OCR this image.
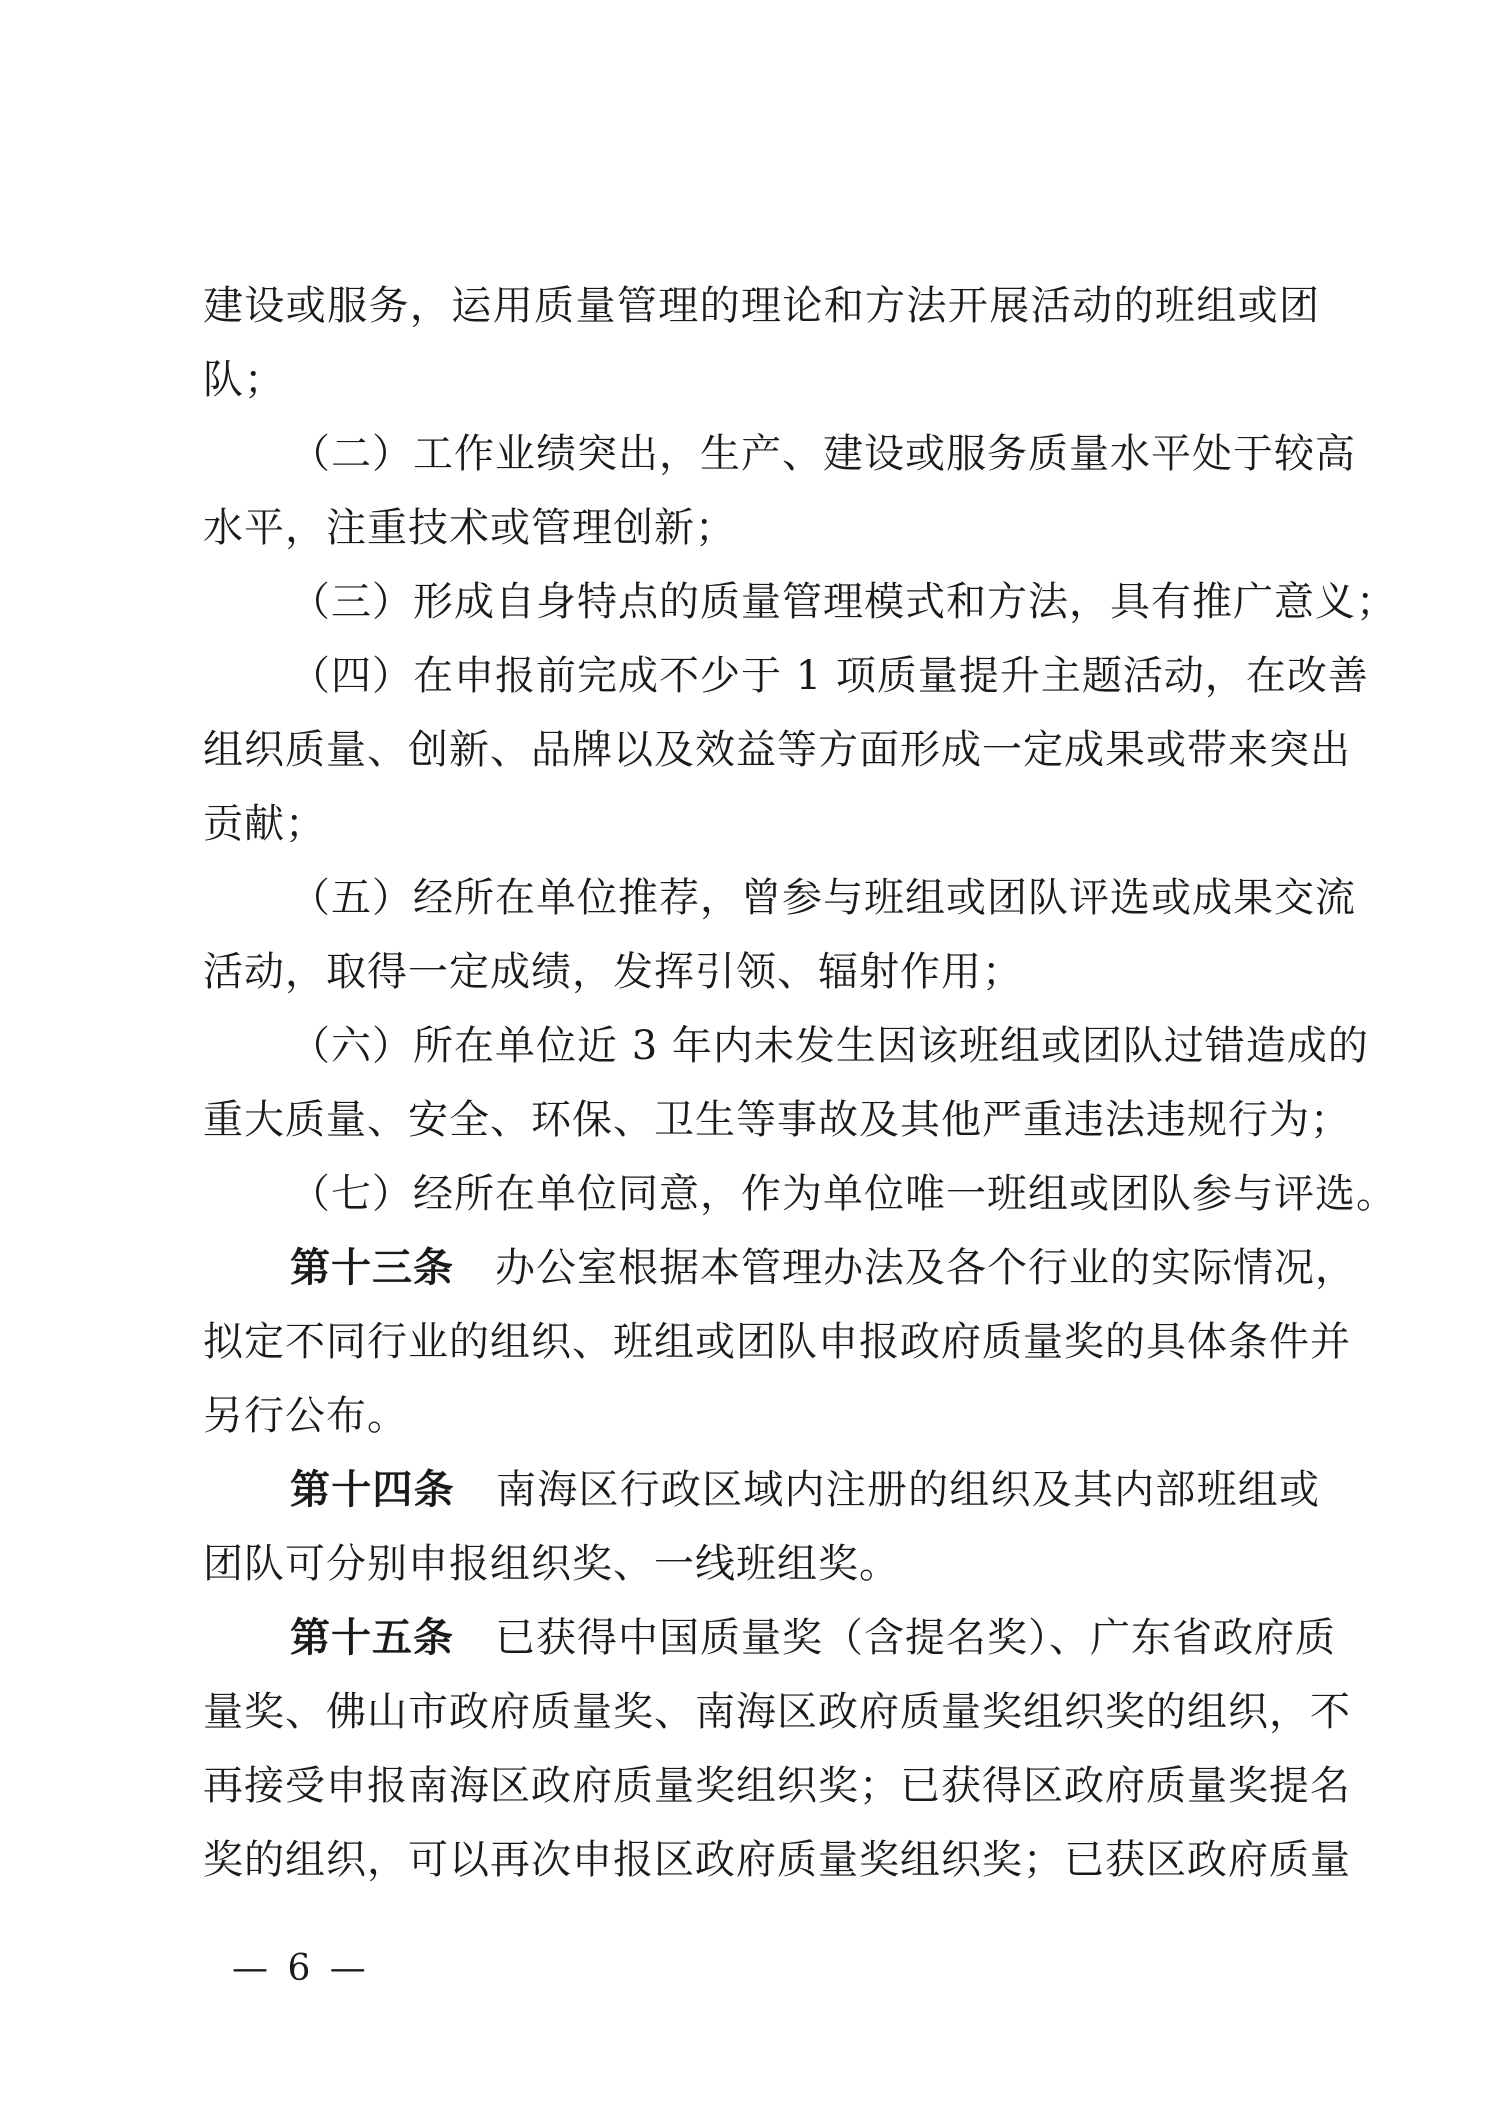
建设或服务，运用质量管理的理论和方法开展活动的班组或团
队；
（二）工作业绩突出，生产、建设或服务质量水平处于较高
水平，注重技术或管理创新；
（三）形成自身特点的质量管理模式和方法，具有推广意义；
（四）在申报前完成不少于 1 项质量提升主题活动，在改善
组织质量、创新、品牌以及效益等方面形成一定成果或带来突出
贡献；
（五）经所在单位推荐，曾参与班组或团队评选或成果交流
活动，取得一定成绩，发挥引领、辐射作用；
（六）所在单位近 3 年内未发生因该班组或团队过错造成的
重大质量、安全、环保、卫生等事故及其他严重违法违规行为；
（七）经所在单位同意，作为单位唯一班组或团队参与评选。
第十三条　办公室根据本管理办法及各个行业的实际情况，
拟定不同行业的组织、班组或团队申报政府质量奖的具体条件并
另行公布。
第十四条　南海区行政区域内注册的组织及其内部班组或
团队可分别申报组织奖、一线班组奖。
第十五条　已获得中国质量奖（含提名奖）、广东省政府质
量奖、佛山市政府质量奖、南海区政府质量奖组织奖的组织，不
再接受申报南海区政府质量奖组织奖；已获得区政府质量奖提名
奖的组织，可以再次申报区政府质量奖组织奖；已获区政府质量
— 6 —
